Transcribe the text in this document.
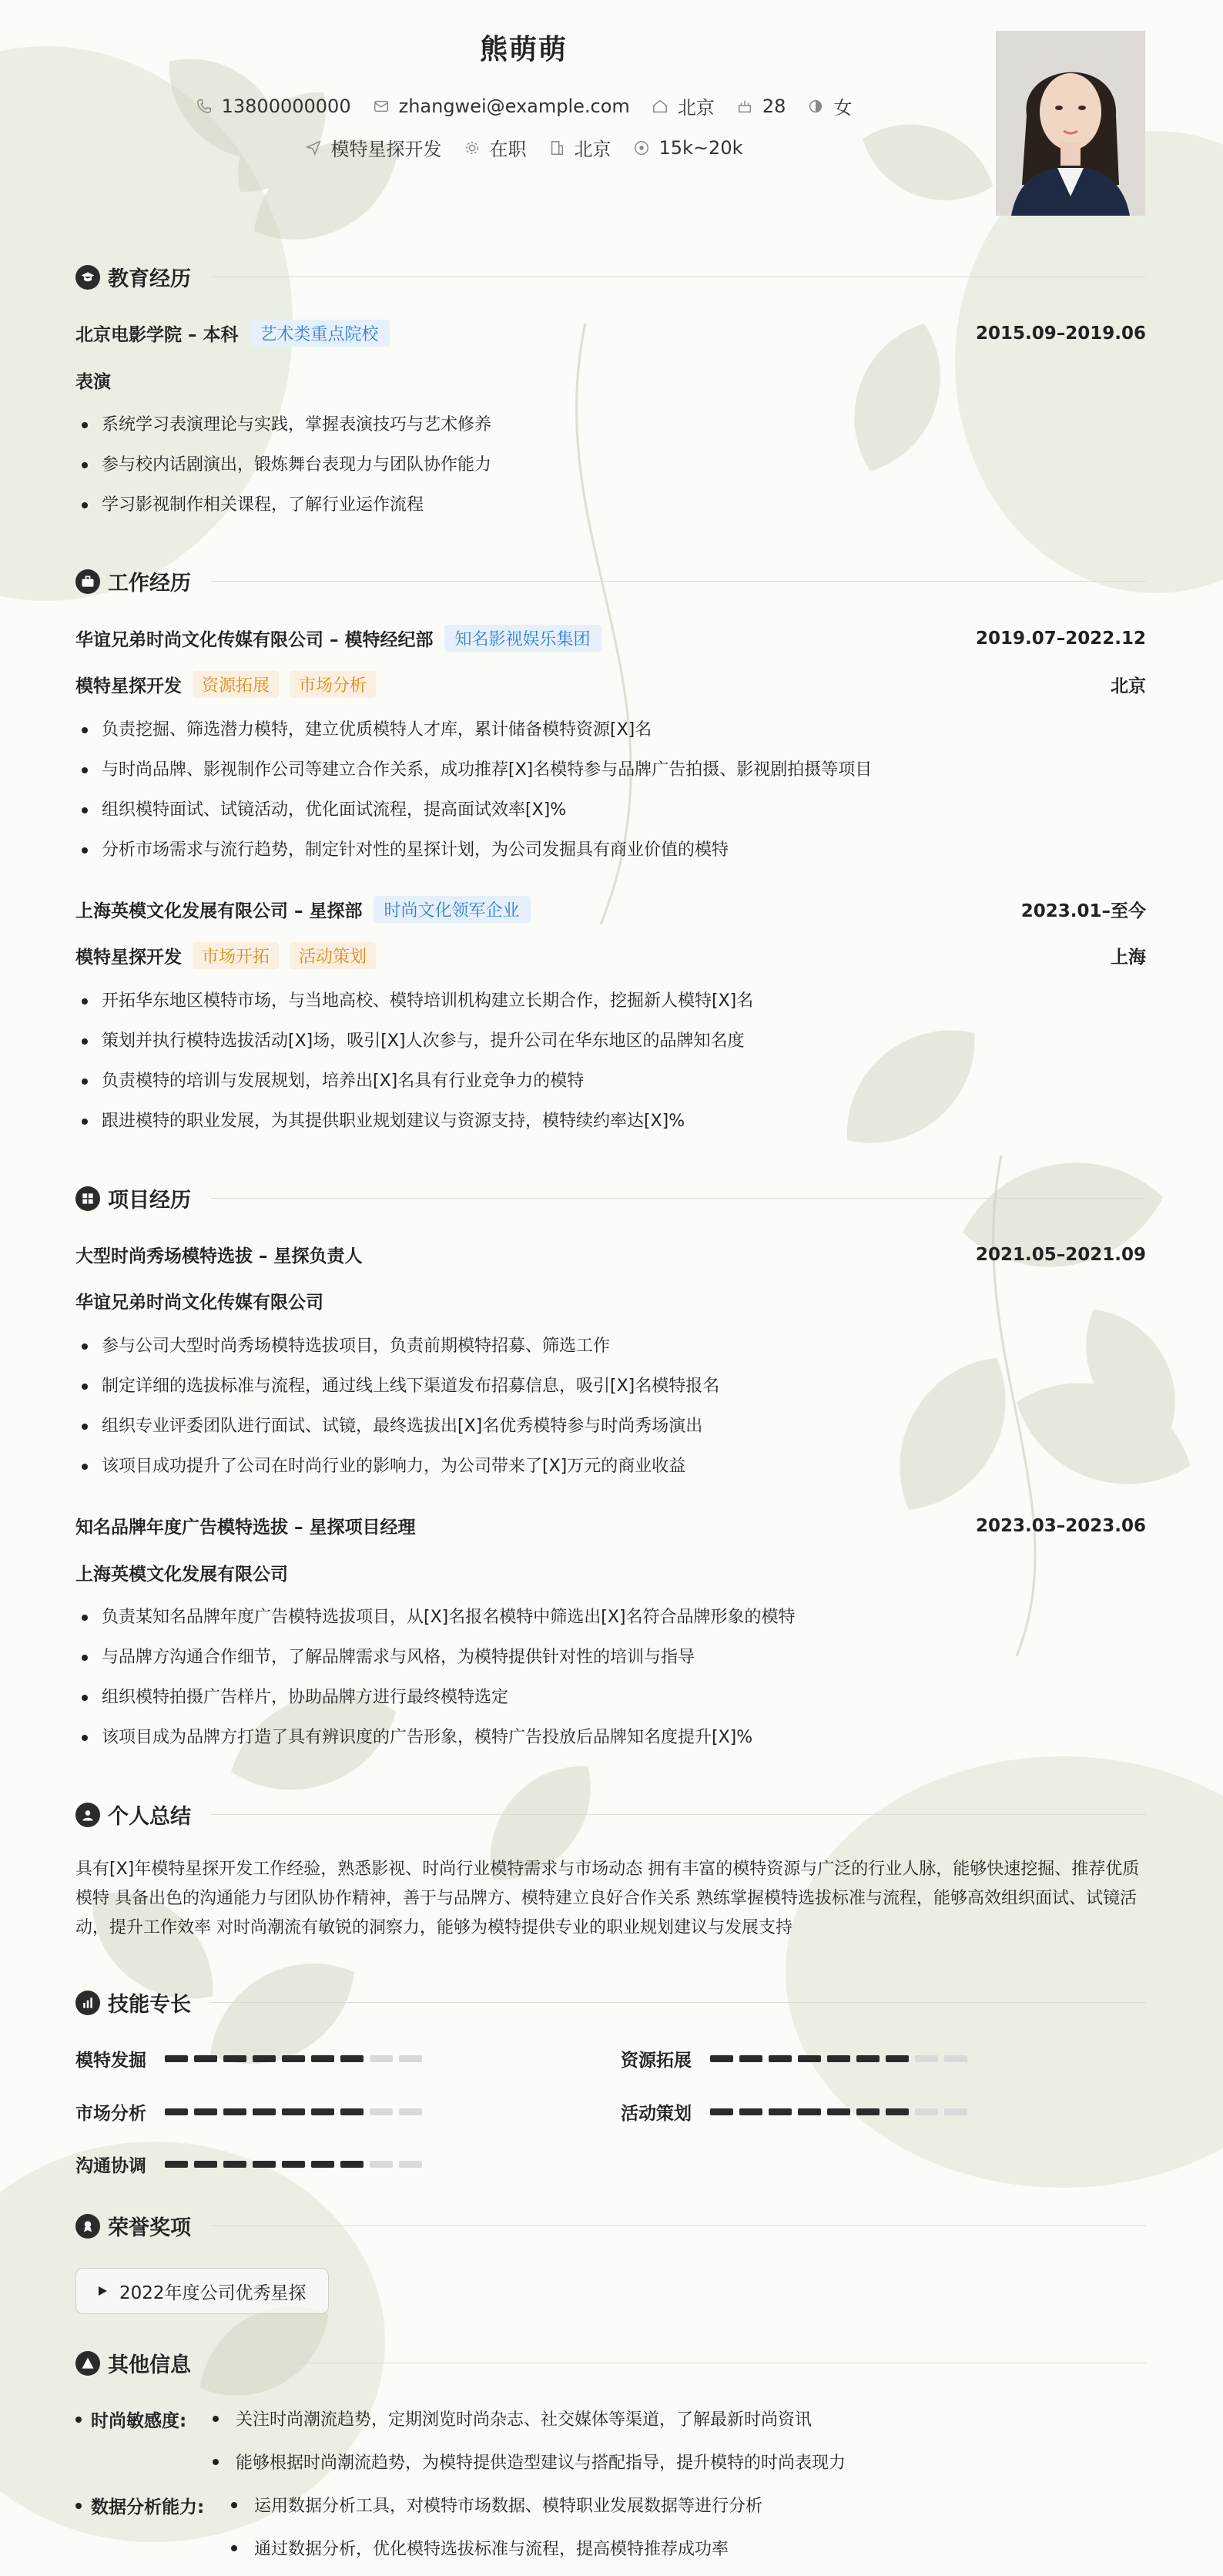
熊萌萌
13800000000	zhangwei@example.com	北京	28	女
模特星探开发	在职	北京	15k~20k
教育经历
北京电影学院 – 本科	艺术类重点院校	2015.09–2019.06
表演
系统学习表演理论与实践，掌握表演技巧与艺术修养
参与校内话剧演出，锻炼舞台表现力与团队协作能力
学习影视制作相关课程，了解行业运作流程
工作经历
华谊兄弟时尚文化传媒有限公司 – 模特经纪部	知名影视娱乐集团	2019.07–2022.12
模特星探开发	资源拓展	市场分析	北京
负责挖掘、筛选潜力模特，建立优质模特人才库，累计储备模特资源[X]名
与时尚品牌、影视制作公司等建立合作关系，成功推荐[X]名模特参与品牌广告拍摄、影视剧拍摄等项目
组织模特面试、试镜活动，优化面试流程，提高面试效率[X]%
分析市场需求与流行趋势，制定针对性的星探计划，为公司发掘具有商业价值的模特
上海英模文化发展有限公司 – 星探部	时尚文化领军企业	2023.01–至今
模特星探开发	市场开拓	活动策划	上海
开拓华东地区模特市场，与当地高校、模特培训机构建立长期合作，挖掘新人模特[X]名
策划并执行模特选拔活动[X]场，吸引[X]人次参与，提升公司在华东地区的品牌知名度
负责模特的培训与发展规划，培养出[X]名具有行业竞争力的模特
跟进模特的职业发展，为其提供职业规划建议与资源支持，模特续约率达[X]%
项目经历
大型时尚秀场模特选拔 – 星探负责人	2021.05–2021.09
华谊兄弟时尚文化传媒有限公司
参与公司大型时尚秀场模特选拔项目，负责前期模特招募、筛选工作
制定详细的选拔标准与流程，通过线上线下渠道发布招募信息，吸引[X]名模特报名
组织专业评委团队进行面试、试镜，最终选拔出[X]名优秀模特参与时尚秀场演出
该项目成功提升了公司在时尚行业的影响力，为公司带来了[X]万元的商业收益
知名品牌年度广告模特选拔 – 星探项目经理	2023.03–2023.06
上海英模文化发展有限公司
负责某知名品牌年度广告模特选拔项目，从[X]名报名模特中筛选出[X]名符合品牌形象的模特
与品牌方沟通合作细节，了解品牌需求与风格，为模特提供针对性的培训与指导
组织模特拍摄广告样片，协助品牌方进行最终模特选定
该项目成为品牌方打造了具有辨识度的广告形象，模特广告投放后品牌知名度提升[X]%
个人总结
具有[X]年模特星探开发工作经验，熟悉影视、时尚行业模特需求与市场动态 拥有丰富的模特资源与广泛的行业人脉，能够快速挖掘、推荐优质模特 具备出色的沟通能力与团队协作精神，善于与品牌方、模特建立良好合作关系 熟练掌握模特选拔标准与流程，能够高效组织面试、试镜活动，提升工作效率 对时尚潮流有敏锐的洞察力，能够为模特提供专业的职业规划建议与发展支持
技能专长
模特发掘	资源拓展
市场分析	活动策划
沟通协调
荣誉奖项
2022年度公司优秀星探
其他信息
时尚敏感度:	关注时尚潮流趋势，定期浏览时尚杂志、社交媒体等渠道，了解最新时尚资讯
能够根据时尚潮流趋势，为模特提供造型建议与搭配指导，提升模特的时尚表现力
数据分析能力:	运用数据分析工具，对模特市场数据、模特职业发展数据等进行分析
通过数据分析，优化模特选拔标准与流程，提高模特推荐成功率
